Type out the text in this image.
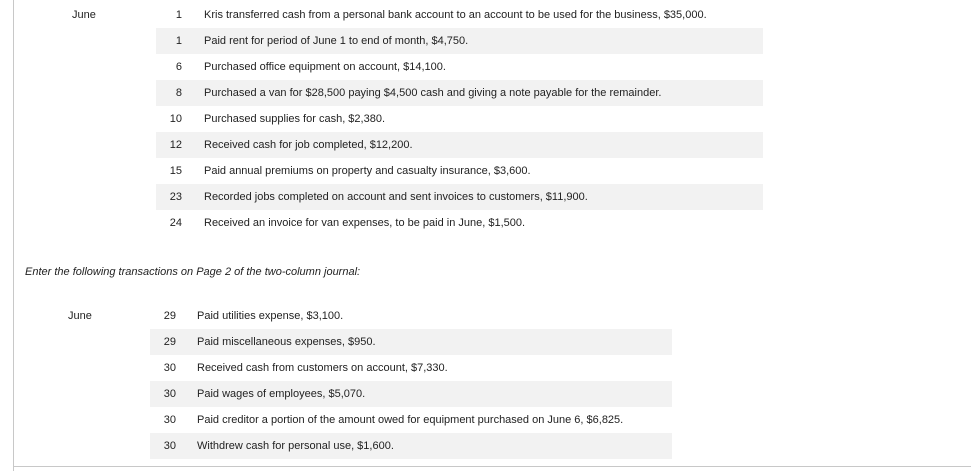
June	1		Kris transferred cash from a personal bank account to an account to be used for the business, $35,000.
	1		Paid rent for period of June 1 to end of month, $4,750.
	6		Purchased office equipment on account, $14,100.
	8		Purchased a van for $28,500 paying $4,500 cash and giving a note payable for the remainder.
	10		Purchased supplies for cash, $2,380.
	12		Received cash for job completed, $12,200.
	15		Paid annual premiums on property and casualty insurance, $3,600.
	23		Recorded jobs completed on account and sent invoices to customers, $11,900.
	24		Received an invoice for van expenses, to be paid in June, $1,500.
Enter the following transactions on Page 2 of the two-column journal:
June	29		Paid utilities expense, $3,100.
	29		Paid miscellaneous expenses, $950.
	30		Received cash from customers on account, $7,330.
	30		Paid wages of employees, $5,070.
	30		Paid creditor a portion of the amount owed for equipment purchased on June 6, $6,825.
	30		Withdrew cash for personal use, $1,600.
